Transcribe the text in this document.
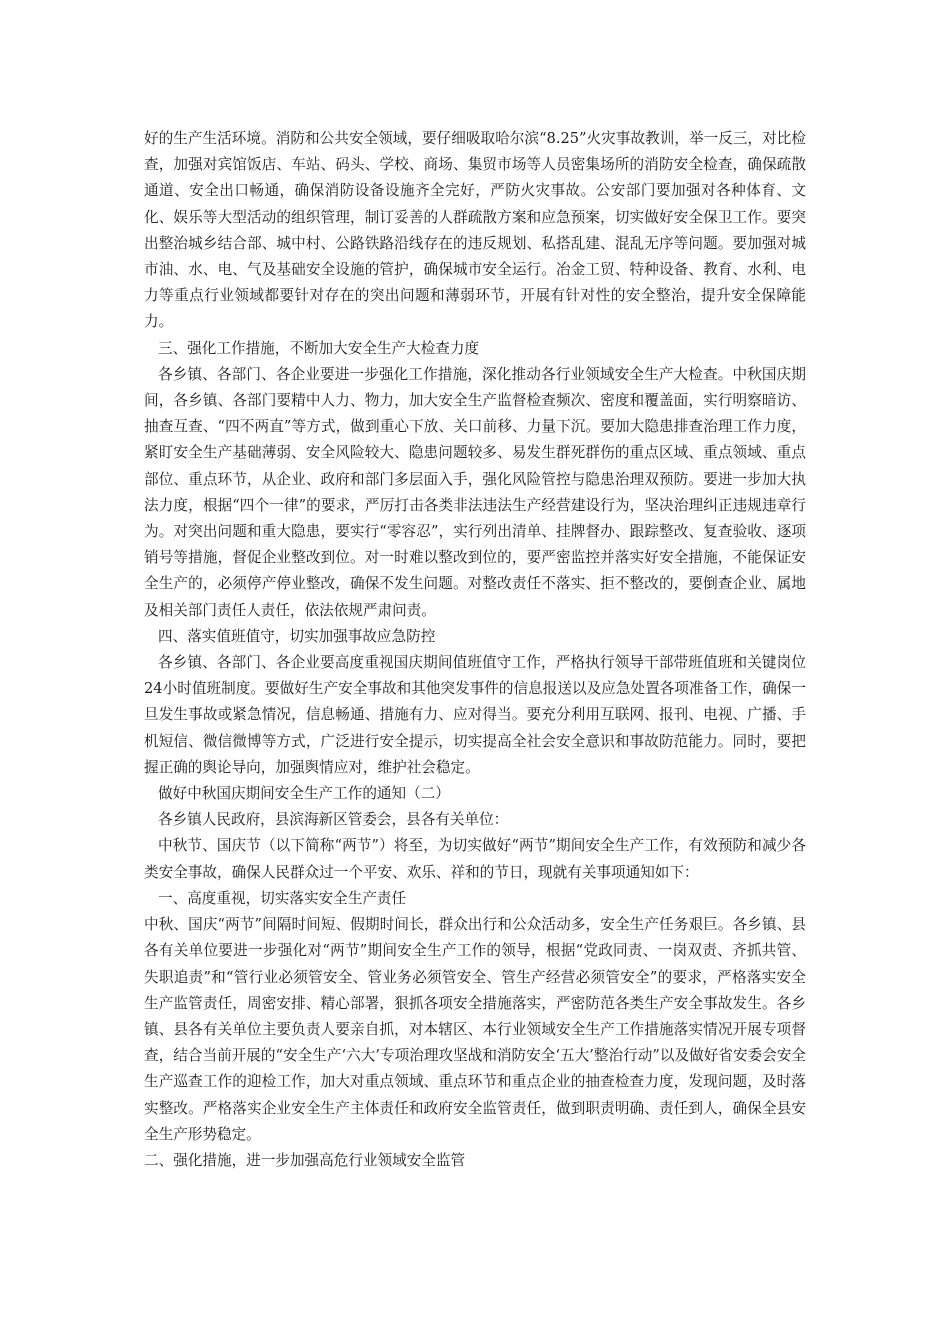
好的生产生活环境。消防和公共安全领域，要仔细吸取哈尔滨“8.25”火灾事故教训，举一反三，对比检查，加强对宾馆饭店、车站、码头、学校、商场、集贸市场等人员密集场所的消防安全检查，确保疏散通道、安全出口畅通，确保消防设备设施齐全完好，严防火灾事故。公安部门要加强对各种体育、文化、娱乐等大型活动的组织管理，制订妥善的人群疏散方案和应急预案，切实做好安全保卫工作。要突出整治城乡结合部、城中村、公路铁路沿线存在的违反规划、私搭乱建、混乱无序等问题。要加强对城市油、水、电、气及基础安全设施的管护，确保城市安全运行。冶金工贸、特种设备、教育、水利、电力等重点行业领域都要针对存在的突出问题和薄弱环节，开展有针对性的安全整治，提升安全保障能力。

三、强化工作措施，不断加大安全生产大检查力度

各乡镇、各部门、各企业要进一步强化工作措施，深化推动各行业领域安全生产大检查。中秋国庆期间，各乡镇、各部门要精中人力、物力，加大安全生产监督检查频次、密度和覆盖面，实行明察暗访、抽查互查、“四不两直”等方式，做到重心下放、关口前移、力量下沉。要加大隐患排查治理工作力度，紧盯安全生产基础薄弱、安全风险较大、隐患问题较多、易发生群死群伤的重点区域、重点领域、重点部位、重点环节，从企业、政府和部门多层面入手，强化风险管控与隐患治理双预防。要进一步加大执法力度，根据“四个一律”的要求，严厉打击各类非法违法生产经营建设行为，坚决治理纠正违规违章行为。对突出问题和重大隐患，要实行“零容忍”，实行列出清单、挂牌督办、跟踪整改、复查验收、逐项销号等措施，督促企业整改到位。对一时难以整改到位的，要严密监控并落实好安全措施，不能保证安全生产的，必须停产停业整改，确保不发生问题。对整改责任不落实、拒不整改的，要倒查企业、属地及相关部门责任人责任，依法依规严肃问责。

四、落实值班值守，切实加强事故应急防控

各乡镇、各部门、各企业要高度重视国庆期间值班值守工作，严格执行领导干部带班值班和关键岗位24小时值班制度。要做好生产安全事故和其他突发事件的信息报送以及应急处置各项准备工作，确保一旦发生事故或紧急情况，信息畅通、措施有力、应对得当。要充分利用互联网、报刊、电视、广播、手机短信、微信微博等方式，广泛进行安全提示，切实提高全社会安全意识和事故防范能力。同时，要把握正确的舆论导向，加强舆情应对，维护社会稳定。

做好中秋国庆期间安全生产工作的通知（二）

各乡镇人民政府，县滨海新区管委会，县各有关单位：

中秋节、国庆节（以下简称“两节”）将至，为切实做好“两节”期间安全生产工作，有效预防和减少各类安全事故，确保人民群众过一个平安、欢乐、祥和的节日，现就有关事项通知如下：

一、高度重视，切实落实安全生产责任

中秋、国庆“两节”间隔时间短、假期时间长，群众出行和公众活动多，安全生产任务艰巨。各乡镇、县各有关单位要进一步强化对“两节”期间安全生产工作的领导，根据“党政同责、一岗双责、齐抓共管、失职追责”和“管行业必须管安全、管业务必须管安全、管生产经营必须管安全”的要求，严格落实安全生产监管责任，周密安排、精心部署，狠抓各项安全措施落实，严密防范各类生产安全事故发生。各乡镇、县各有关单位主要负责人要亲自抓，对本辖区、本行业领域安全生产工作措施落实情况开展专项督查，结合当前开展的“安全生产‘六大’专项治理攻坚战和消防安全‘五大’整治行动”以及做好省安委会安全生产巡查工作的迎检工作，加大对重点领域、重点环节和重点企业的抽查检查力度，发现问题，及时落实整改。严格落实企业安全生产主体责任和政府安全监管责任，做到职责明确、责任到人，确保全县安全生产形势稳定。

二、强化措施，进一步加强高危行业领域安全监管
